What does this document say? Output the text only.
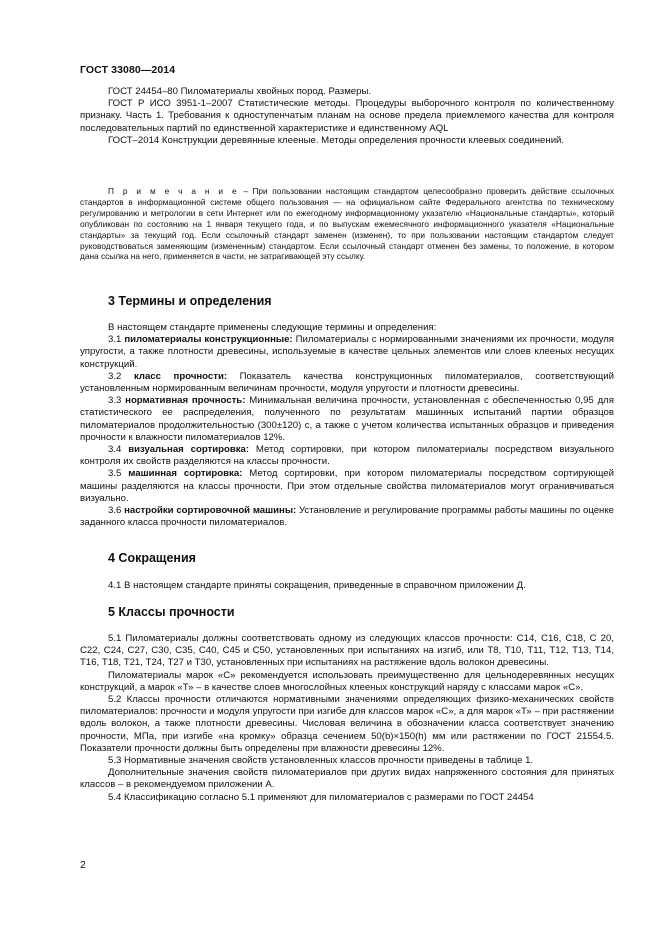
ГОСТ 33080—2014

ГОСТ 24454–80 Пиломатериалы хвойных пород. Размеры.

ГОСТ Р ИСО 3951-1–2007 Статистические методы. Процедуры выборочного контроля по количественному признаку. Часть 1. Требования к одноступенчатым планам на основе предела приемлемого качества для контроля последовательных партий по единственной характеристике и единственному AQL

ГОСТ–2014 Конструкции деревянные клееные. Методы определения прочности клеевых соединений.

П р и м е ч а н и е – При пользовании настоящим стандартом целесообразно проверить действие ссылочных стандартов в информационной системе общего пользования — на официальном сайте Федерального агентства по техническому регулированию и метрологии в сети Интернет или по ежегодному информационному указателю «Национальные стандарты», который опубликован по состоянию на 1 января текущего года, и по выпускам ежемесячного информационного указателя «Национальные стандарты» за текущий год. Если ссылочный стандарт заменен (изменен), то при пользовании настоящим стандартом следует руководствоваться заменяющим (измененным) стандартом. Если ссылочный стандарт отменен без замены, то положение, в котором дана ссылка на него, применяется в части, не затрагивающей эту ссылку.

3 Термины и определения

В настоящем стандарте применены следующие термины и определения:

3.1 пиломатериалы конструкционные: Пиломатериалы с нормированными значениями их прочности, модуля упругости, а также плотности древесины, используемые в качестве цельных элементов или слоев клееных несущих конструкций.

3.2 класс прочности: Показатель качества конструкционных пиломатериалов, соответствующий установленным нормированным величинам прочности, модуля упругости и плотности древесины.

3.3 нормативная прочность: Минимальная величина прочности, установленная с обеспеченностью 0,95 для статистического ее распределения, полученного по результатам машинных испытаний партии образцов пиломатериалов продолжительностью (300±120) с, а также с учетом количества испытанных образцов и приведения прочности к влажности пиломатериалов 12%.

3.4 визуальная сортировка: Метод сортировки, при котором пиломатериалы посредством визуального контроля их свойств разделяются на классы прочности.

3.5 машинная сортировка: Метод сортировки, при котором пиломатериалы посредством сортирующей машины разделяются на классы прочности. При этом отдельные свойства пиломатериалов могут огранивчиваться визуально.

3.6 настройки сортировочной машины: Установление и регулирование программы работы машины по оценке заданного класса прочности пиломатериалов.

4 Сокращения

4.1 В настоящем стандарте приняты сокращения, приведенные в справочном приложении Д.

5 Классы прочности

5.1 Пиломатериалы должны соответствовать одному из следующих классов прочности: С14, С16, С18, С 20, С22, С24, С27, С30, С35, С40, С45 и С50, установленных при испытаниях на изгиб, или Т8, Т10, Т11, Т12, Т13, Т14, Т16, Т18, Т21, Т24, Т27 и Т30, установленных при испытаниях на растяжение вдоль волокон древесины.

Пиломатериалы марок «С» рекомендуется использовать преимущественно для цельнодеревянных несущих конструкций, а марок «Т» – в качестве слоев многослойных клееных конструкций наряду с классами марок «С».

5.2 Классы прочности отличаются нормативными значениями определяющих физико-механических свойств пиломатериалов: прочности и модуля упругости при изгибе для классов марок «С», а для марок «Т» – при растяжении вдоль волокон, а также плотности древесины. Числовая величина в обозначении класса соответствует значению прочности, МПа, при изгибе «на кромку» образца сечением 50(b)×150(h) мм или растяжении по ГОСТ 21554.5. Показатели прочности должны быть определены при влажности древесины 12%.

5.3 Нормативные значения свойств установленных классов прочности приведены в таблице 1.

Дополнительные значения свойств пиломатериалов при других видах напряженного состояния для принятых классов – в рекомендуемом приложении А.

5.4 Классификацию согласно 5.1 применяют для пиломатериалов с размерами по ГОСТ 24454

2
